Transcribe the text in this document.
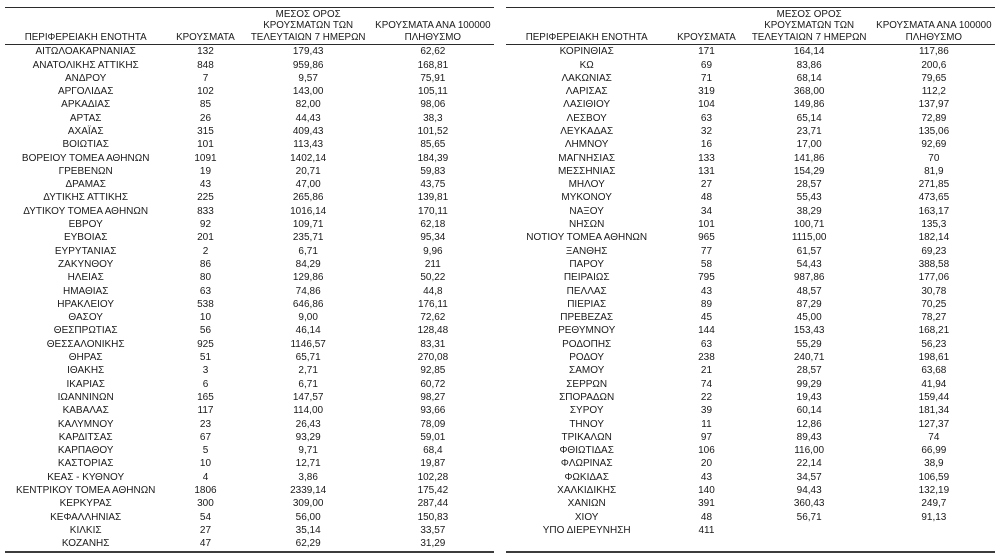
ΠΕΡΙΦΕΡΕΙΑΚΗ ΕΝΟΤΗΤΑ	ΚΡΟΥΣΜΑΤΑ	ΜΕΣΟΣ ΟΡΟΣ
ΚΡΟΥΣΜΑΤΩΝ ΤΩΝ
ΤΕΛΕΥΤΑΙΩΝ 7 ΗΜΕΡΩΝ	ΚΡΟΥΣΜΑΤΑ ΑΝΑ 100000
ΠΛΗΘΥΣΜΟ

ΑΙΤΩΛΟΑΚΑΡΝΑΝΙΑΣ	132	179,43	62,62
ΑΝΑΤΟΛΙΚΗΣ ΑΤΤΙΚΗΣ	848	959,86	168,81
ΑΝΔΡΟΥ	7	9,57	75,91
ΑΡΓΟΛΙΔΑΣ	102	143,00	105,11
ΑΡΚΑΔΙΑΣ	85	82,00	98,06
ΑΡΤΑΣ	26	44,43	38,3
ΑΧΑΪΑΣ	315	409,43	101,52
ΒΟΙΩΤΙΑΣ	101	113,43	85,65
ΒΟΡΕΙΟΥ ΤΟΜΕΑ ΑΘΗΝΩΝ	1091	1402,14	184,39
ΓΡΕΒΕΝΩΝ	19	20,71	59,83
ΔΡΑΜΑΣ	43	47,00	43,75
ΔΥΤΙΚΗΣ ΑΤΤΙΚΗΣ	225	265,86	139,81
ΔΥΤΙΚΟΥ ΤΟΜΕΑ ΑΘΗΝΩΝ	833	1016,14	170,11
ΕΒΡΟΥ	92	109,71	62,18
ΕΥΒΟΙΑΣ	201	235,71	95,34
ΕΥΡΥΤΑΝΙΑΣ	2	6,71	9,96
ΖΑΚΥΝΘΟΥ	86	84,29	211
ΗΛΕΙΑΣ	80	129,86	50,22
ΗΜΑΘΙΑΣ	63	74,86	44,8
ΗΡΑΚΛΕΙΟΥ	538	646,86	176,11
ΘΑΣΟΥ	10	9,00	72,62
ΘΕΣΠΡΩΤΙΑΣ	56	46,14	128,48
ΘΕΣΣΑΛΟΝΙΚΗΣ	925	1146,57	83,31
ΘΗΡΑΣ	51	65,71	270,08
ΙΘΑΚΗΣ	3	2,71	92,85
ΙΚΑΡΙΑΣ	6	6,71	60,72
ΙΩΑΝΝΙΝΩΝ	165	147,57	98,27
ΚΑΒΑΛΑΣ	117	114,00	93,66
ΚΑΛΥΜΝΟΥ	23	26,43	78,09
ΚΑΡΔΙΤΣΑΣ	67	93,29	59,01
ΚΑΡΠΑΘΟΥ	5	9,71	68,4
ΚΑΣΤΟΡΙΑΣ	10	12,71	19,87
ΚΕΑΣ - ΚΥΘΝΟΥ	4	3,86	102,28
ΚΕΝΤΡΙΚΟΥ ΤΟΜΕΑ ΑΘΗΝΩΝ	1806	2339,14	175,42
ΚΕΡΚΥΡΑΣ	300	309,00	287,44
ΚΕΦΑΛΛΗΝΙΑΣ	54	56,00	150,83
ΚΙΛΚΙΣ	27	35,14	33,57
ΚΟΖΑΝΗΣ	47	62,29	31,29
ΠΕΡΙΦΕΡΕΙΑΚΗ ΕΝΟΤΗΤΑ	ΚΡΟΥΣΜΑΤΑ	ΜΕΣΟΣ ΟΡΟΣ
ΚΡΟΥΣΜΑΤΩΝ ΤΩΝ
ΤΕΛΕΥΤΑΙΩΝ 7 ΗΜΕΡΩΝ	ΚΡΟΥΣΜΑΤΑ ΑΝΑ 100000
ΠΛΗΘΥΣΜΟ

ΚΟΡΙΝΘΙΑΣ	171	164,14	117,86
ΚΩ	69	83,86	200,6
ΛΑΚΩΝΙΑΣ	71	68,14	79,65
ΛΑΡΙΣΑΣ	319	368,00	112,2
ΛΑΣΙΘΙΟΥ	104	149,86	137,97
ΛΕΣΒΟΥ	63	65,14	72,89
ΛΕΥΚΑΔΑΣ	32	23,71	135,06
ΛΗΜΝΟΥ	16	17,00	92,69
ΜΑΓΝΗΣΙΑΣ	133	141,86	70
ΜΕΣΣΗΝΙΑΣ	131	154,29	81,9
ΜΗΛΟΥ	27	28,57	271,85
ΜΥΚΟΝΟΥ	48	55,43	473,65
ΝΑΞΟΥ	34	38,29	163,17
ΝΗΣΩΝ	101	100,71	135,3
ΝΟΤΙΟΥ ΤΟΜΕΑ ΑΘΗΝΩΝ	965	1115,00	182,14
ΞΑΝΘΗΣ	77	61,57	69,23
ΠΑΡΟΥ	58	54,43	388,58
ΠΕΙΡΑΙΩΣ	795	987,86	177,06
ΠΕΛΛΑΣ	43	48,57	30,78
ΠΙΕΡΙΑΣ	89	87,29	70,25
ΠΡΕΒΕΖΑΣ	45	45,00	78,27
ΡΕΘΥΜΝΟΥ	144	153,43	168,21
ΡΟΔΟΠΗΣ	63	55,29	56,23
ΡΟΔΟΥ	238	240,71	198,61
ΣΑΜΟΥ	21	28,57	63,68
ΣΕΡΡΩΝ	74	99,29	41,94
ΣΠΟΡΑΔΩΝ	22	19,43	159,44
ΣΥΡΟΥ	39	60,14	181,34
ΤΗΝΟΥ	11	12,86	127,37
ΤΡΙΚΑΛΩΝ	97	89,43	74
ΦΘΙΩΤΙΔΑΣ	106	116,00	66,99
ΦΛΩΡΙΝΑΣ	20	22,14	38,9
ΦΩΚΙΔΑΣ	43	34,57	106,59
ΧΑΛΚΙΔΙΚΗΣ	140	94,43	132,19
ΧΑΝΙΩΝ	391	360,43	249,7
ΧΙΟΥ	48	56,71	91,13
ΥΠΟ ΔΙΕΡΕΥΝΗΣΗ	411		
